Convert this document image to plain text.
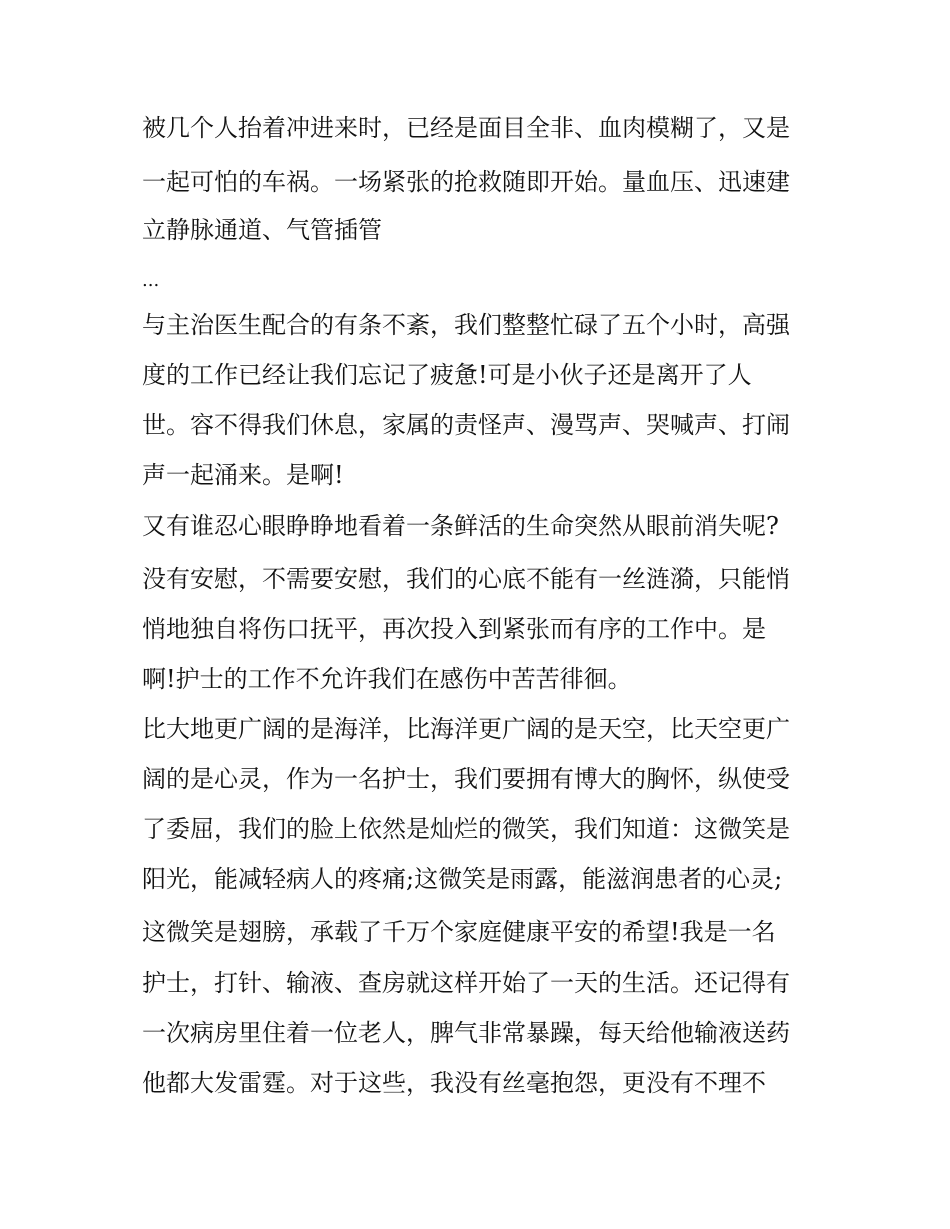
被几个人抬着冲进来时，已经是面目全非、血肉模糊了，又是
一起可怕的车祸。一场紧张的抢救随即开始。量血压、迅速建
立静脉通道、气管插管
...
与主治医生配合的有条不紊，我们整整忙碌了五个小时，高强
度的工作已经让我们忘记了疲惫!可是小伙子还是离开了人
世。容不得我们休息，家属的责怪声、漫骂声、哭喊声、打闹
声一起涌来。是啊!
又有谁忍心眼睁睁地看着一条鲜活的生命突然从眼前消失呢?
没有安慰，不需要安慰，我们的心底不能有一丝涟漪，只能悄
悄地独自将伤口抚平，再次投入到紧张而有序的工作中。是
啊!护士的工作不允许我们在感伤中苦苦徘徊。
比大地更广阔的是海洋，比海洋更广阔的是天空，比天空更广
阔的是心灵，作为一名护士，我们要拥有博大的胸怀，纵使受
了委屈，我们的脸上依然是灿烂的微笑，我们知道：这微笑是
阳光，能减轻病人的疼痛;这微笑是雨露，能滋润患者的心灵;
这微笑是翅膀，承载了千万个家庭健康平安的希望!我是一名
护士，打针、输液、查房就这样开始了一天的生活。还记得有
一次病房里住着一位老人，脾气非常暴躁，每天给他输液送药
他都大发雷霆。对于这些，我没有丝毫抱怨，更没有不理不
